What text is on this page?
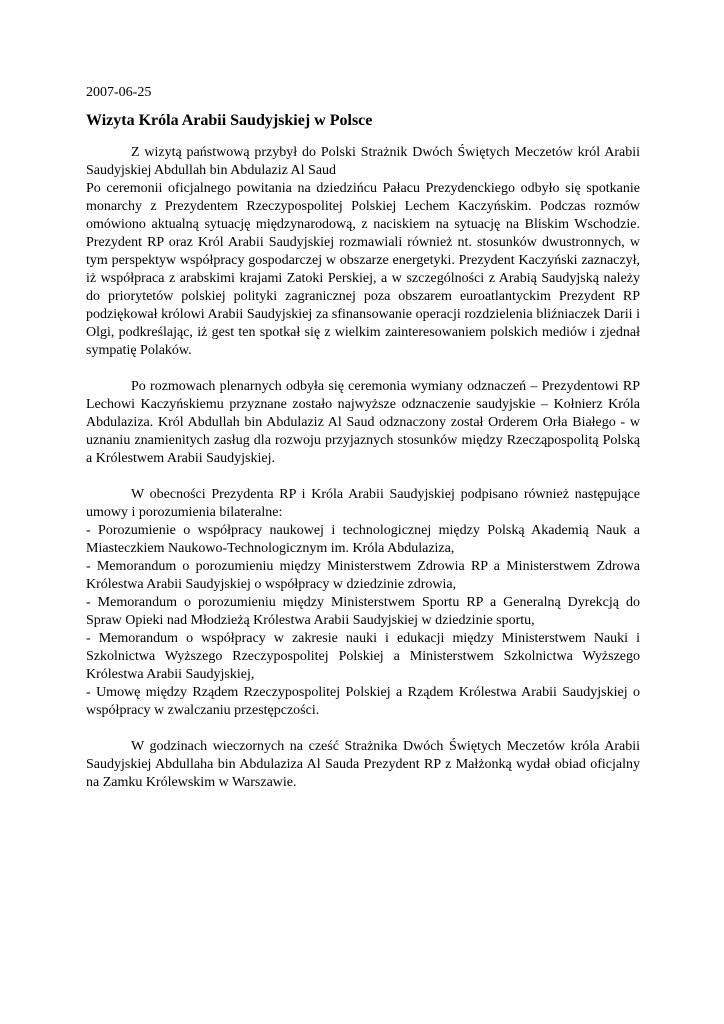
2007-06-25
Wizyta Króla Arabii Saudyjskiej w Polsce
Z wizytą państwową przybył do Polski Strażnik Dwóch Świętych Meczetów król Arabii Saudyjskiej Abdullah bin Abdulaziz Al Saud
Po ceremonii oficjalnego powitania na dziedzińcu Pałacu Prezydenckiego odbyło się spotkanie monarchy z Prezydentem Rzeczypospolitej Polskiej Lechem Kaczyńskim. Podczas rozmów omówiono aktualną sytuację międzynarodową, z naciskiem na sytuację na Bliskim Wschodzie. Prezydent RP oraz Król Arabii Saudyjskiej rozmawiali również nt. stosunków dwustronnych, w tym perspektyw współpracy gospodarczej w obszarze energetyki. Prezydent Kaczyński zaznaczył, iż współpraca z arabskimi krajami Zatoki Perskiej, a w szczególności z Arabią Saudyjską należy do priorytetów polskiej polityki zagranicznej poza obszarem euroatlantyckim Prezydent RP podziękował królowi Arabii Saudyjskiej za sfinansowanie operacji rozdzielenia bliźniaczek Darii i Olgi, podkreślając, iż gest ten spotkał się z wielkim zainteresowaniem polskich mediów i zjednał sympatię Polaków.
Po rozmowach plenarnych odbyła się ceremonia wymiany odznaczeń – Prezydentowi RP Lechowi Kaczyńskiemu przyznane zostało najwyższe odznaczenie saudyjskie – Kołnierz Króla Abdulaziza. Król Abdullah bin Abdulaziz Al Saud odznaczony został Orderem Orła Białego - w uznaniu znamienitych zasług dla rozwoju przyjaznych stosunków między Rzecząpospolitą Polską a Królestwem Arabii Saudyjskiej.
W obecności Prezydenta RP i Króla Arabii Saudyjskiej podpisano również następujące umowy i porozumienia bilateralne:
- Porozumienie o współpracy naukowej i technologicznej między Polską Akademią Nauk a Miasteczkiem Naukowo-Technologicznym im. Króla Abdulaziza,
- Memorandum o porozumieniu między Ministerstwem Zdrowia RP a Ministerstwem Zdrowa Królestwa Arabii Saudyjskiej o współpracy w dziedzinie zdrowia,
- Memorandum o porozumieniu między Ministerstwem Sportu RP a Generalną Dyrekcją do Spraw Opieki nad Młodzieżą Królestwa Arabii Saudyjskiej w dziedzinie sportu,
- Memorandum o współpracy w zakresie nauki i edukacji między Ministerstwem Nauki i Szkolnictwa Wyższego Rzeczypospolitej Polskiej a Ministerstwem Szkolnictwa Wyższego Królestwa Arabii Saudyjskiej,
- Umowę między Rządem Rzeczypospolitej Polskiej a Rządem Królestwa Arabii Saudyjskiej o współpracy w zwalczaniu przestępczości.
W godzinach wieczornych na cześć Strażnika Dwóch Świętych Meczetów króla Arabii Saudyjskiej Abdullaha bin Abdulaziza Al Sauda Prezydent RP z Małżonką wydał obiad oficjalny na Zamku Królewskim w Warszawie.
